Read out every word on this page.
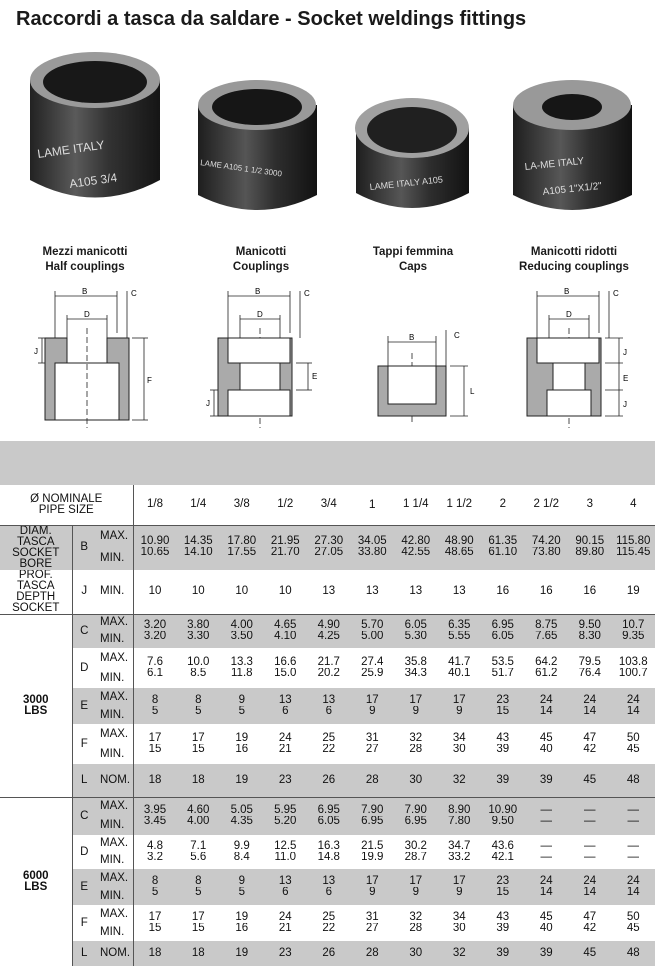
Raccordi a tasca da saldare - Socket weldings fittings
LAME ITALY
A105 3/4
LAME A105 1 1/2 3000
LAME ITALY A105
LA-ME ITALY
A105 1"X1/2"
Mezzi manicotti
Half couplings
Manicotti
Couplings
Tappi femmina
Caps
Manicotti ridotti
Reducing couplings
B	C
D
J
F
B	C
D
J
E
B	C
L
B	C
D
J
E
J
Ø NOMINALE
PIPE SIZE			1/8	1/4	3/8	1/2	3/4	1	1 1/4	1 1/2	2	2 1/2	3	4

DIAM. TASCA
SOCKET BORE	B	MAX.	10.90	14.35	17.80	21.95	27.30	34.05	42.80	48.90	61.35	74.20	90.15	115.80
		MIN.	10.65	14.10	17.55	21.70	27.05	33.80	42.55	48.65	61.10	73.80	89.80	115.45

PROF. TASCA
DEPTH SOCKET	J	MIN.	10	10	10	10	13	13	13	13	16	16	16	19

3000
LBS	C	MAX.	3.20	3.80	4.00	4.65	4.90	5.70	6.05	6.35	6.95	8.75	9.50	10.7
		MIN.	3.20	3.30	3.50	4.10	4.25	5.00	5.30	5.55	6.05	7.65	8.30	9.35
	D	MAX.	7.6	10.0	13.3	16.6	21.7	27.4	35.8	41.7	53.5	64.2	79.5	103.8
		MIN.	6.1	8.5	11.8	15.0	20.2	25.9	34.3	40.1	51.7	61.2	76.4	100.7
	E	MAX.	8	8	9	13	13	17	17	17	23	24	24	24
		MIN.	5	5	5	6	6	9	9	9	15	14	14	14
	F	MAX.	17	17	19	24	25	31	32	34	43	45	47	50
		MIN.	15	15	16	21	22	27	28	30	39	40	42	45
	L	NOM.	18	18	19	23	26	28	30	32	39	39	45	48

6000
LBS	C	MAX.	3.95	4.60	5.05	5.95	6.95	7.90	7.90	8.90	10.90	—	—	—
		MIN.	3.45	4.00	4.35	5.20	6.05	6.95	6.95	7.80	9.50	—	—	—
	D	MAX.	4.8	7.1	9.9	12.5	16.3	21.5	30.2	34.7	43.6	—	—	—
		MIN.	3.2	5.6	8.4	11.0	14.8	19.9	28.7	33.2	42.1	—	—	—
	E	MAX.	8	8	9	13	13	17	17	17	23	24	24	24
		MIN.	5	5	5	6	6	9	9	9	15	14	14	14
	F	MAX.	17	17	19	24	25	31	32	34	43	45	47	50
		MIN.	15	15	16	21	22	27	28	30	39	40	42	45
	L	NOM.	18	18	19	23	26	28	30	32	39	39	45	48
